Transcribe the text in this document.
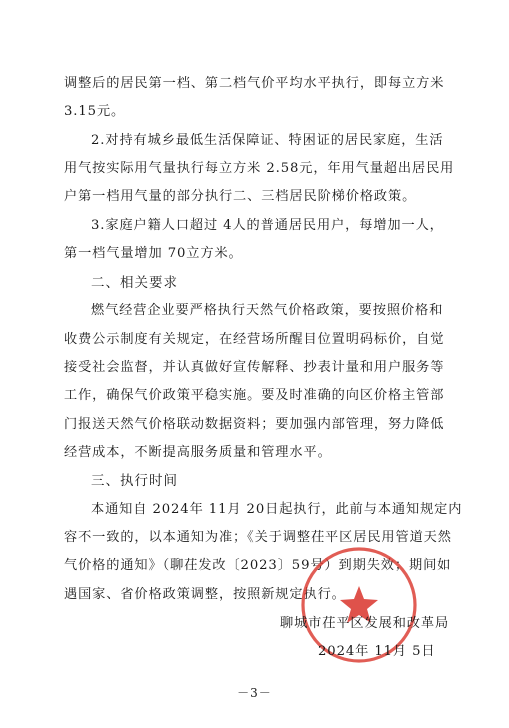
调整后的居民第一档、第二档气价平均水平执行，即每立方米
3.15元。
2.对持有城乡最低生活保障证、特困证的居民家庭，生活
用气按实际用气量执行每立方米 2.58元，年用气量超出居民用
户第一档用气量的部分执行二、三档居民阶梯价格政策。
3.家庭户籍人口超过 4人的普通居民用户，每增加一人，
第一档气量增加 70立方米。
二、相关要求
燃气经营企业要严格执行天然气价格政策，要按照价格和
收费公示制度有关规定，在经营场所醒目位置明码标价，自觉
接受社会监督，并认真做好宣传解释、抄表计量和用户服务等
工作，确保气价政策平稳实施。要及时准确的向区价格主管部
门报送天然气价格联动数据资料；要加强内部管理，努力降低
经营成本，不断提高服务质量和管理水平。
三、执行时间
本通知自 2024年 11月 20日起执行，此前与本通知规定内
容不一致的，以本通知为准；《关于调整茌平区居民用管道天然
气价格的通知》（聊茌发改〔2023〕59号）到期失效；期间如
遇国家、省价格政策调整，按照新规定执行。
聊城市茌平区发展和改革局
2024年 11月 5日
－3－
